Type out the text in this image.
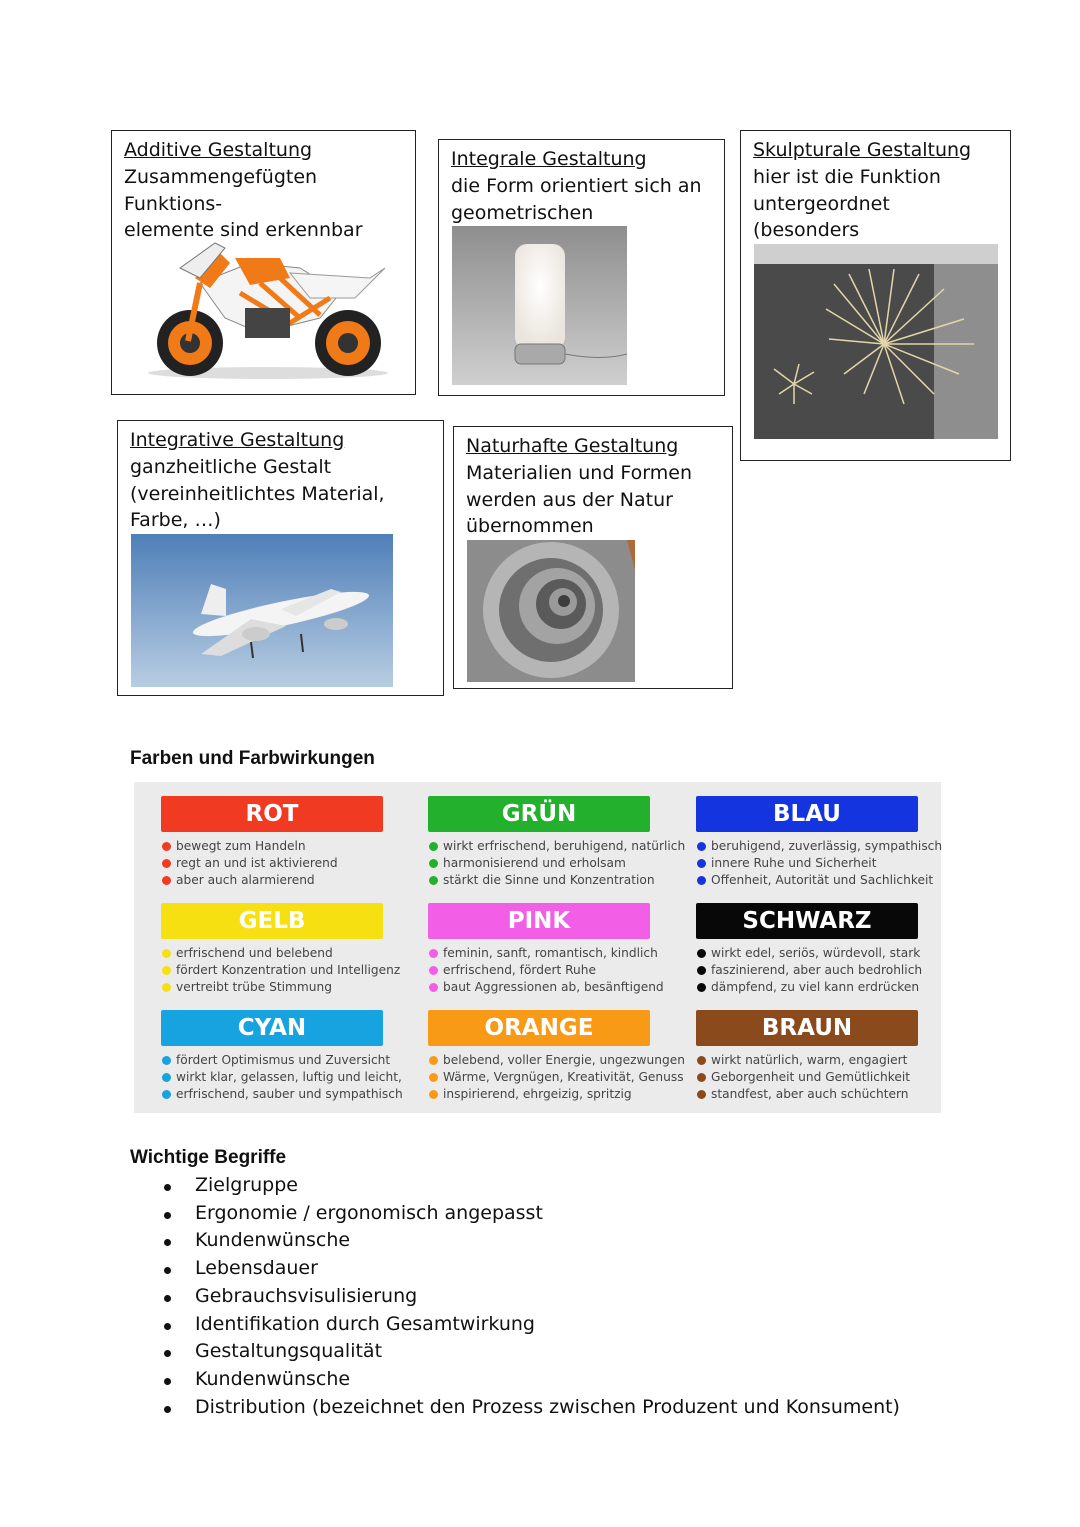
Additive Gestaltung
Zusammengefügten Funktions-
elemente sind erkennbar
Integrale Gestaltung
die Form orientiert sich an
geometrischen
Skulpturale Gestaltung
hier ist die Funktion
untergeordnet (besonders

Integrative Gestaltung
ganzheitliche Gestalt
(vereinheitlichtes Material,
Farbe, …)
Naturhafte Gestaltung
Materialien und Formen
werden aus der Natur
übernommen
Farben und Farbwirkungen
ROT
bewegt zum Handeln
regt an und ist aktivierend
aber auch alarmierend
GRÜN
wirkt erfrischend, beruhigend, natürlich
harmonisierend und erholsam
stärkt die Sinne und Konzentration
BLAU
beruhigend, zuverlässig, sympathisch
innere Ruhe und Sicherheit
Offenheit, Autorität und Sachlichkeit
GELB
erfrischend und belebend
fördert Konzentration und Intelligenz
vertreibt trübe Stimmung
PINK
feminin, sanft, romantisch, kindlich
erfrischend, fördert Ruhe
baut Aggressionen ab, besänftigend
SCHWARZ
wirkt edel, seriös, würdevoll, stark
faszinierend, aber auch bedrohlich
dämpfend, zu viel kann erdrücken
CYAN
fördert Optimismus und Zuversicht
wirkt klar, gelassen, luftig und leicht,
erfrischend, sauber und sympathisch
ORANGE
belebend, voller Energie, ungezwungen
Wärme, Vergnügen, Kreativität, Genuss
inspirierend, ehrgeizig, spritzig
BRAUN
wirkt natürlich, warm, engagiert
Geborgenheit und Gemütlichkeit
standfest, aber auch schüchtern
Wichtige Begriffe
Zielgruppe
Ergonomie / ergonomisch angepasst
Kundenwünsche
Lebensdauer
Gebrauchsvisulisierung
Identifikation durch Gesamtwirkung
Gestaltungsqualität
Kundenwünsche
Distribution (bezeichnet den Prozess zwischen Produzent und Konsument)
